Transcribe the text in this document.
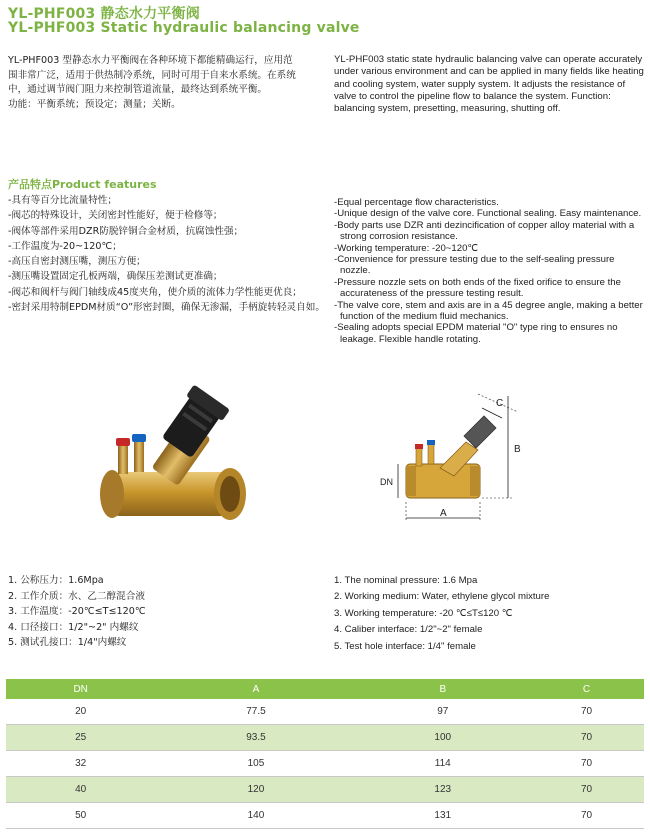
YL-PHF003 静态水力平衡阀
YL-PHF003 Static hydraulic balancing valve
YL-PHF003 型静态水力平衡阀在各种环境下都能精确运行，应用范
围非常广泛，适用于供热制冷系统，同时可用于自来水系统。在系统
中，通过调节阀门阻力来控制管道流量，最终达到系统平衡。
功能：平衡系统；预设定；测量；关断。
YL-PHF003 static state hydraulic balancing valve can operate accurately under various environment and can be applied in many fields like heating and cooling system, water supply system. It adjusts the resistance of valve to control the pipeline flow to balance the system. Function: balancing system, presetting, measuring, shutting off.
产品特点Product features
-具有等百分比流量特性；
-阀芯的特殊设计，关闭密封性能好，便于检修等；
-阀体等部件采用DZR防脱锌铜合金材质，抗腐蚀性强；
-工作温度为-20~120℃；
-高压自密封测压嘴，测压方便；
-测压嘴设置固定孔板两端，确保压差测试更准确；
-阀芯和阀杆与阀门轴线成45度夹角，使介质的流体力学性能更优良；
-密封采用特制EPDM材质“O”形密封圈，确保无渗漏，手柄旋转轻灵自如。
-Equal percentage flow characteristics.
-Unique design of the valve core. Functional sealing. Easy maintenance.
-Body parts use DZR anti dezincification of copper alloy material with a strong corrosion resistance.
-Working temperature: -20~120℃
-Convenience for pressure testing due to the self-sealing pressure nozzle.
-Pressure nozzle sets on both ends of the fixed orifice to ensure the accurateness of the pressure testing result.
-The valve core, stem and axis are in a 45 degree angle, making a better function of the medium fluid mechanics.
-Sealing adopts special EPDM material "O" type ring to ensures no leakage. Flexible handle rotating.
A
B
C
DN
1. 公称压力：1.6Mpa
2. 工作介质：水、乙二醇混合液
3. 工作温度：-20℃≤T≤120℃
4. 口径接口：1/2"~2" 内螺纹
5. 测试孔接口：1/4"内螺纹
1. The nominal pressure: 1.6 Mpa
2. Working medium: Water, ethylene glycol mixture
3. Working temperature: -20 ℃≤T≤120 ℃
4. Caliber interface: 1/2"~2" female
5. Test hole interface: 1/4" female
DN	A	B	C
20	77.5	97	70
25	93.5	100	70
32	105	114	70
40	120	123	70
50	140	131	70
